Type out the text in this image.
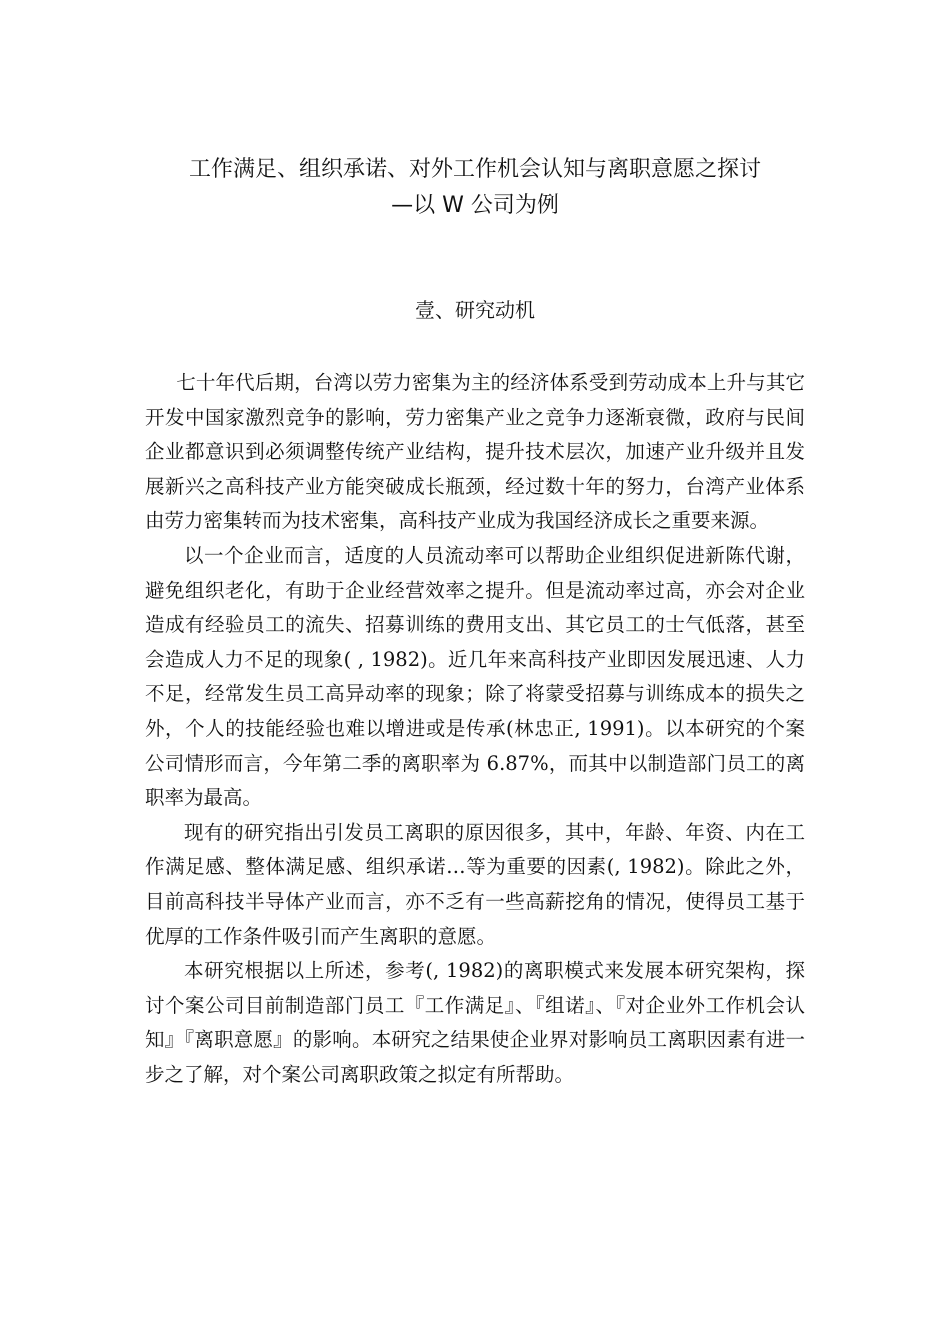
工作满足、组织承诺、对外工作机会认知与离职意愿之探讨
—以 W 公司为例
壹、研究动机

七十年代后期，台湾以劳力密集为主的经济体系受到劳动成本上升与其它开发中国家激烈竞争的影响，劳力密集产业之竞争力逐渐衰微，政府与民间企业都意识到必须调整传统产业结构，提升技术层次，加速产业升级并且发展新兴之高科技产业方能突破成长瓶颈，经过数十年的努力，台湾产业体系由劳力密集转而为技术密集，高科技产业成为我国经济成长之重要来源。

以一个企业而言，适度的人员流动率可以帮助企业组织促进新陈代谢，避免组织老化，有助于企业经营效率之提升。但是流动率过高，亦会对企业造成有经验员工的流失、招募训练的费用支出、其它员工的士气低落，甚至会造成人力不足的现象( , 1982)。近几年来高科技产业即因发展迅速、人力不足，经常发生员工高异动率的现象；除了将蒙受招募与训练成本的损失之外，个人的技能经验也难以增进或是传承(林忠正, 1991)。以本研究的个案公司情形而言，今年第二季的离职率为 6.87%，而其中以制造部门员工的离职率为最高。

现有的研究指出引发员工离职的原因很多，其中，年龄、年资、内在工作满足感、整体满足感、组织承诺…等为重要的因素(, 1982)。除此之外，目前高科技半导体产业而言，亦不乏有一些高薪挖角的情况，使得员工基于优厚的工作条件吸引而产生离职的意愿。

本研究根据以上所述，参考(, 1982)的离职模式来发展本研究架构，探讨个案公司目前制造部门员工『工作满足』、『组诺』、『对企业外工作机会认知』『离职意愿』的影响。本研究之结果使企业界对影响员工离职因素有进一步之了解，对个案公司离职政策之拟定有所帮助。
